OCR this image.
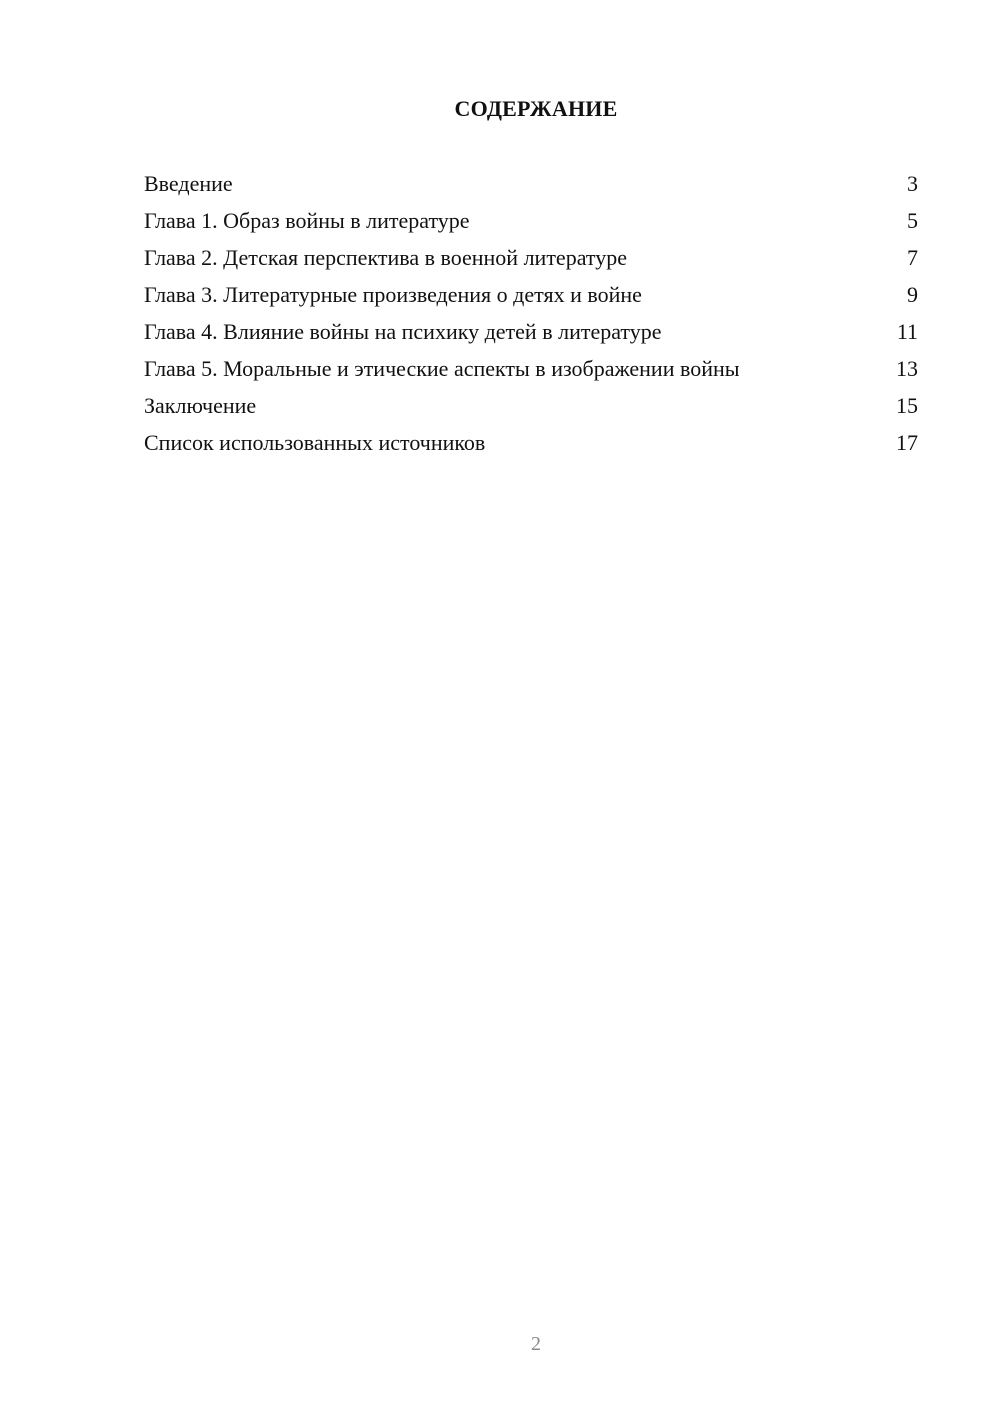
СОДЕРЖАНИЕ
Введение	3
Глава 1. Образ войны в литературе	5
Глава 2. Детская перспектива в военной литературе	7
Глава 3. Литературные произведения о детях и войне	9
Глава 4. Влияние войны на психику детей в литературе	11
Глава 5. Моральные и этические аспекты в изображении войны	13
Заключение	15
Список использованных источников	17
2
